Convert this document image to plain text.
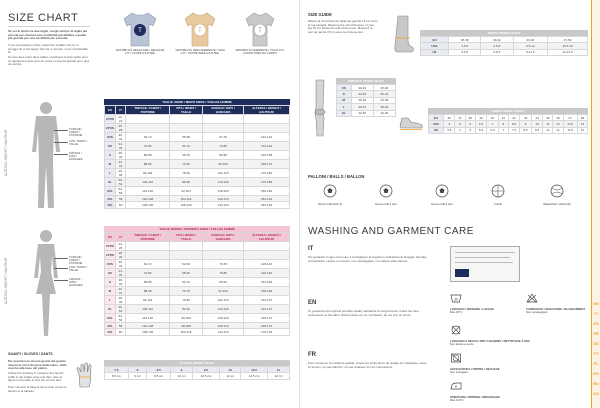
SIZE CHART
Se sei al limite tra due taglie, scegli sempre la taglia più piccola per ottenere una vestibilità più attillata e quella più grande per una vestibilità più comoda.
If you are between sizes, select the smaller size for a snugger fit or the larger size for a roomier, more comfortable fit.
Si vous êtes entre deux tailles, choisissez la plus petite pour un ajustement plus près du corps ou la plus grande pour plus de confort.
T
VESTIBILITÀ REGOLARE / REGULAR FIT / COUPE AJUSTÉE
T
VESTIBILITÀ SEMI-ADERENTE / SLIM FIT / COUPE SEMI-AJUSTÉE
T
VESTIBILITÀ ADERENTE / TIGHT FIT / COUPE PRÈS DU CORPS
TORACE / CHEST / POITRINE
VITA / WAIST / TAILLE
FIANCHI / HIPS / HANCHES
ALTEZZA / HEIGHT / HAUTEUR
TAGLIE UOMO / MEN'S SIZES / TAILLES HOMME
EU	IT	TORACE / CHEST / POITRINE	VITA / WAIST / TAILLE	FIANCHI / HIPS / HANCHES	ALTEZZA / HEIGHT / HAUTEUR
2YRS	22-24				
2YRS	26-28				
XXS	30-32	64-72	55-68	67-70	122-134
XS	34-36	72-80	62-72	70-83	134-146
S	38-40	80-88	68-76	83-95	146-158
M	42-44	88-96	72-82	95-102	158-170
L	46-48	96-104	78-90	102-110	170-182
XL	50-52	104-112	86-96	110-118	176-186
XXL	54-56	112-120	92-104	118-126	180-190
3XL	58	120-128	100-112	126-134	182-192
4XL	60	128-136	108-120	134-142	184-194
TORACE / CHEST / POITRINE
VITA / WAIST / TAILLE
FIANCHI / HIPS / HANCHES
ALTEZZA / HEIGHT / HAUTEUR
TAGLIE DONNA / WOMEN'S SIZES / TAILLES FEMME
EU	IT	TORACE / CHEST / POITRINE	VITA / WAIST / TAILLE	FIANCHI / HIPS / HANCHES	ALTEZZA / HEIGHT / HAUTEUR
2YRS	24-26				
2YRS	28-30				
XXS	30-32	64-72	52-60	70-78	128-140
XS	34-36	72-80	58-66	78-86	140-152
S	38-40	80-88	64-72	86-94	152-160
M	42-44	88-96	70-78	94-102	158-166
L	46-48	96-104	76-84	102-110	162-170
XL	50-52	104-112	82-92	110-118	164-172
2XL	54-56	112-120	90-100	118-126	166-174
3XL	58	120-128	98-108	126-134	168-176
4XL	60	128-136	106-116	134-142	170-178
GUANTI / GLOVES / GANTS
Per prendere la misura giusta del guanto misura la circonferenza della mano, dalle nocche alla base del palmo.
Follow the drawing to measure the hand's width in the widest area and then refer to figure in the table to find the correct size.
Pour mesurer la largeur de la main suivez le dessin et la tableau.
GLOVES SIZING CHART
7.5	8	8.5	9	9.5	10	10.5	11
8.5 cm	9 cm	9.5 cm	10 cm	10.5 cm	11 cm	11.5 cm	12 cm
SIZE GUIDE
Misura la circonferenza della tua gamba 15 cm sotto la tua caviglia. Measure the circumference of your leg 15 cm below the fold of the knee. Mesurez le tour de jambe 15 cm sous le pli du genou.	SOCKS SIZING CHART
EU	35-38	39-42	43-46	47-50
USA	3.5-6	6.5-9	9.5-12	12.5-15
UK	3-5.5	6-8.5	9-11.5	12-14.5
KNEEPAD SIZING CHART
XS	30-33	25-30
S	33-36	30-34
M	36-39	34-38
L	39-42	38-42
XL	42-45	42-46
SHOES SIZING CHART
EU	36	37	38	39	40	41	42	43	44	45	46	47	48
USA	4	5	6	6.5	7	8	8.5	9	10	11	12	12.5	13
UK	3.5	4	5	5.5	6.5	7	7.5	8.5	9.5	10	11	11.5	12
PALLONI / BALLS / BALLON
Soccer ball (Size 5)	Soccer ball 4 size	Soccer ball 3 size	Futsal	Basketball / Volleyball
WASHING AND GARMENT CARE
IT
Per garantire il capo nel tempo ti consigliamo di seguire le indicazioni di lavaggio riportate sull'etichetta. Lavare a rovescio, non candeggiare, non stirare sulle stampe.
EN
To guarantee the highest possible quality standards for all garments, follow the care instructions on the label. Wash inside out, do not bleach, do not iron on prints.
FR
Pour conserver la meilleure qualité, suivez les instructions de lavage sur l'étiquette. Laver à l'envers, ne pas blanchir, ne pas repasser sur les impressions.
30
LAVAGGIO / WASHING / LAVAGE
Max 30°C
CANDEGGIO / BLEACHING / BLANCHIMENT
Non candeggiare
LAVAGGIO A SECCO / DRY CLEANING / NETTOYAGE À SEC
Non lavare a secco
ASCIUGATURA / DRYING / SÉCHAGE
Non asciugare
STIRATURA / IRONING / REPASSAGE
Max 110°C
EN
IT
ES
FR
DE
PT
PL
RO
RU
CN
